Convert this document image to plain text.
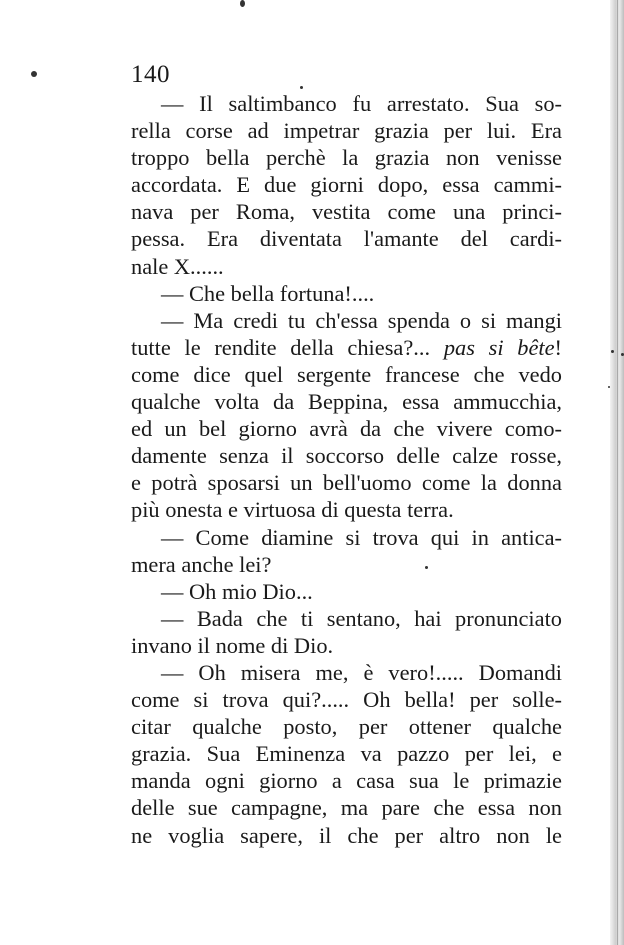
140
— Il saltimbanco fu arrestato. Sua so-
rella corse ad impetrar grazia per lui. Era
troppo bella perchè la grazia non venisse
accordata. E due giorni dopo, essa cammi-
nava per Roma, vestita come una princi-
pessa. Era diventata l'amante del cardi-
nale X......
— Che bella fortuna!....
— Ma credi tu ch'essa spenda o si mangi
tutte le rendite della chiesa?... pas si bête!
come dice quel sergente francese che vedo
qualche volta da Beppina, essa ammucchia,
ed un bel giorno avrà da che vivere como-
damente senza il soccorso delle calze rosse,
e potrà sposarsi un bell'uomo come la donna
più onesta e virtuosa di questa terra.
— Come diamine si trova qui in antica-
mera anche lei?
— Oh mio Dio...
— Bada che ti sentano, hai pronunciato
invano il nome di Dio.
— Oh misera me, è vero!..... Domandi
come si trova qui?..... Oh bella! per solle-
citar qualche posto, per ottener qualche
grazia. Sua Eminenza va pazzo per lei, e
manda ogni giorno a casa sua le primazie
delle sue campagne, ma pare che essa non
ne voglia sapere, il che per altro non le
